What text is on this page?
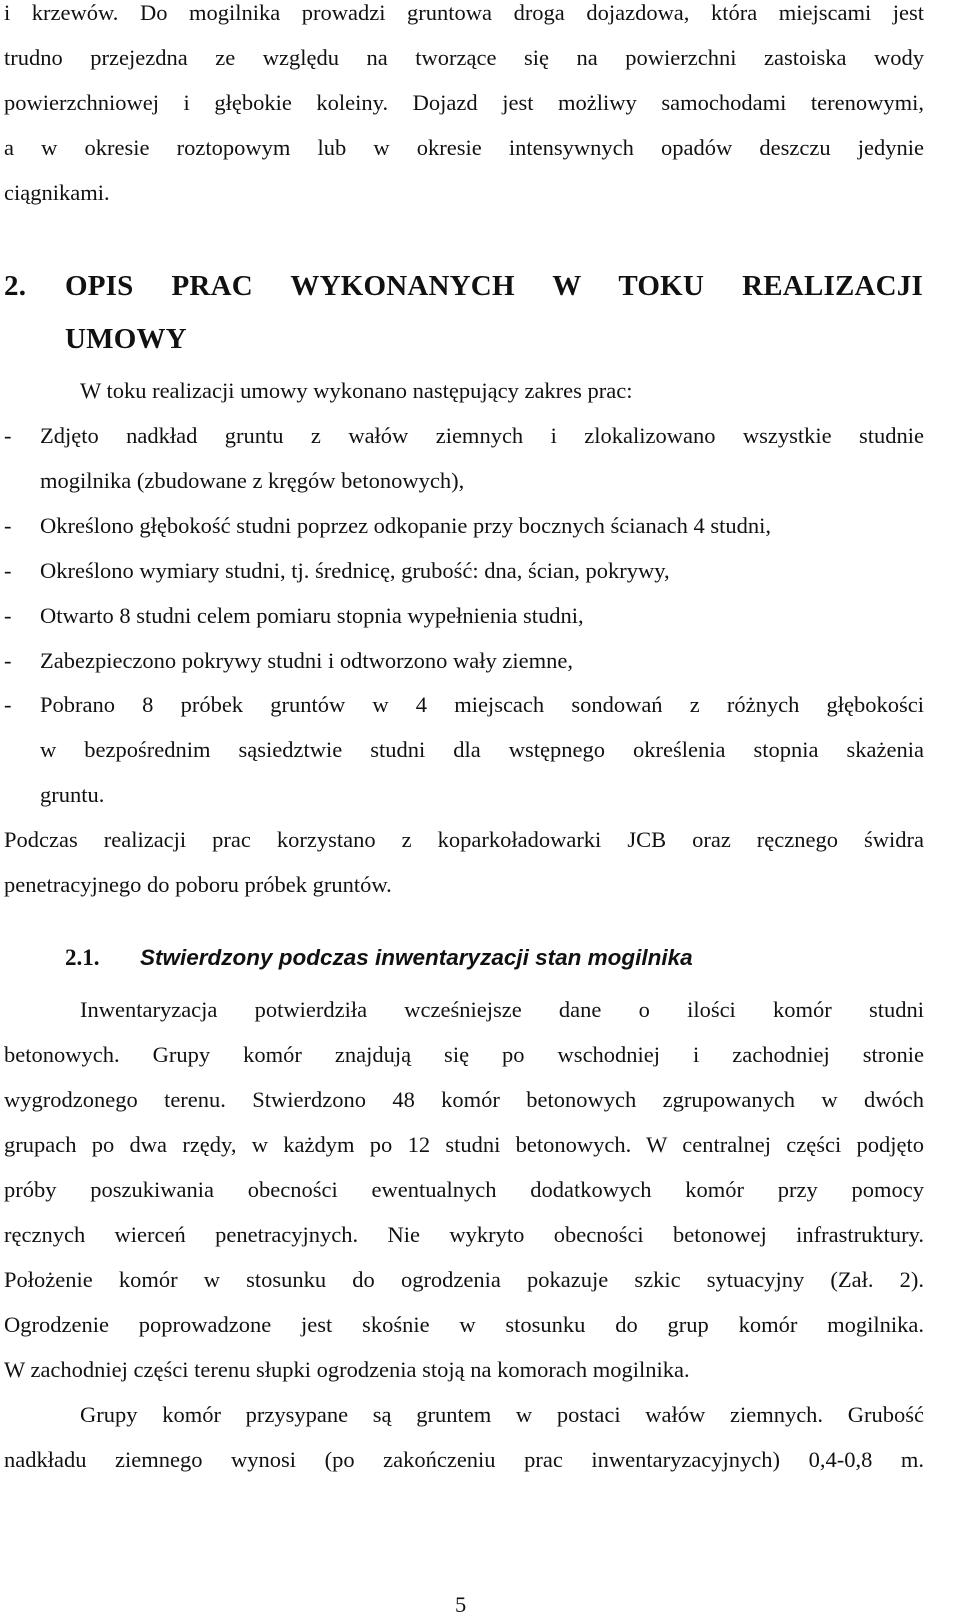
i krzewów. Do mogilnika prowadzi gruntowa droga dojazdowa, która miejscami jest
trudno przejezdna ze względu na tworzące się na powierzchni zastoiska wody
powierzchniowej i głębokie koleiny. Dojazd jest możliwy samochodami terenowymi,
a w okresie roztopowym lub w okresie intensywnych opadów deszczu jedynie
ciągnikami.
2. OPIS PRAC WYKONANYCH W TOKU REALIZACJI
UMOWY
W toku realizacji umowy wykonano następujący zakres prac:
- Zdjęto nadkład gruntu z wałów ziemnych i zlokalizowano wszystkie studnie
mogilnika (zbudowane z kręgów betonowych),
- Określono głębokość studni poprzez odkopanie przy bocznych ścianach 4 studni,
- Określono wymiary studni, tj. średnicę, grubość: dna, ścian, pokrywy,
- Otwarto 8 studni celem pomiaru stopnia wypełnienia studni,
- Zabezpieczono pokrywy studni i odtworzono wały ziemne,
- Pobrano 8 próbek gruntów w 4 miejscach sondowań z różnych głębokości
w bezpośrednim sąsiedztwie studni dla wstępnego określenia stopnia skażenia
gruntu.
Podczas realizacji prac korzystano z koparkoładowarki JCB oraz ręcznego świdra
penetracyjnego do poboru próbek gruntów.
2.1. Stwierdzony podczas inwentaryzacji stan mogilnika
Inwentaryzacja potwierdziła wcześniejsze dane o ilości komór studni
betonowych. Grupy komór znajdują się po wschodniej i zachodniej stronie
wygrodzonego terenu. Stwierdzono 48 komór betonowych zgrupowanych w dwóch
grupach po dwa rzędy, w każdym po 12 studni betonowych. W centralnej części podjęto
próby poszukiwania obecności ewentualnych dodatkowych komór przy pomocy
ręcznych wierceń penetracyjnych. Nie wykryto obecności betonowej infrastruktury.
Położenie komór w stosunku do ogrodzenia pokazuje szkic sytuacyjny (Zał. 2).
Ogrodzenie poprowadzone jest skośnie w stosunku do grup komór mogilnika.
W zachodniej części terenu słupki ogrodzenia stoją na komorach mogilnika.
Grupy komór przysypane są gruntem w postaci wałów ziemnych. Grubość
nadkładu ziemnego wynosi (po zakończeniu prac inwentaryzacyjnych) 0,4-0,8 m.
5
